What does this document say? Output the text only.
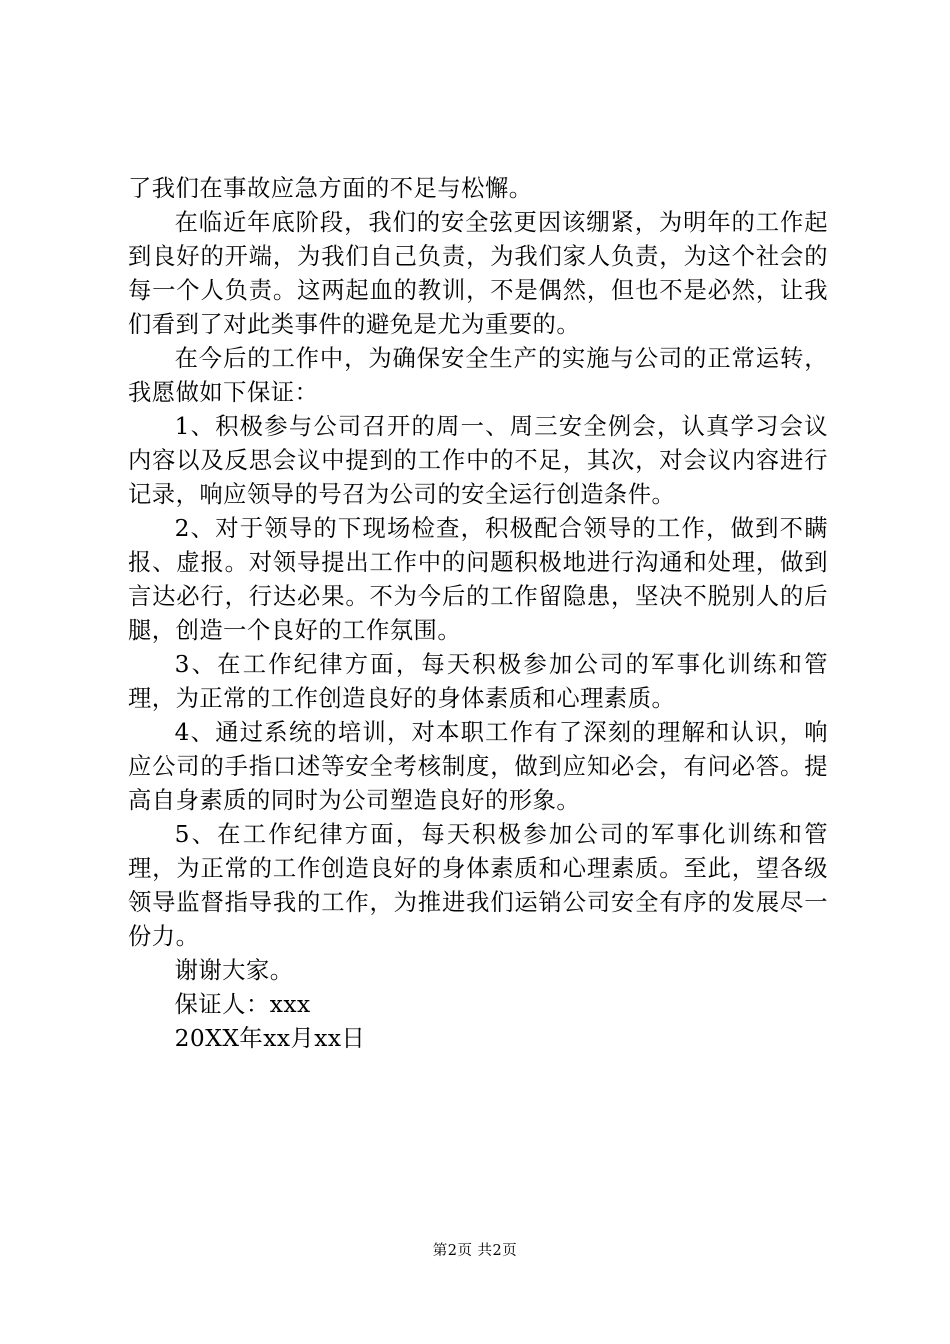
了我们在事故应急方面的不足与松懈。

在临近年底阶段，我们的安全弦更因该绷紧，为明年的工作起到良好的开端，为我们自己负责，为我们家人负责，为这个社会的每一个人负责。这两起血的教训，不是偶然，但也不是必然，让我们看到了对此类事件的避免是尤为重要的。

在今后的工作中，为确保安全生产的实施与公司的正常运转，我愿做如下保证：

1、积极参与公司召开的周一、周三安全例会，认真学习会议内容以及反思会议中提到的工作中的不足，其次，对会议内容进行记录，响应领导的号召为公司的安全运行创造条件。

2、对于领导的下现场检查，积极配合领导的工作，做到不瞒报、虚报。对领导提出工作中的问题积极地进行沟通和处理，做到言达必行，行达必果。不为今后的工作留隐患，坚决不脱别人的后腿，创造一个良好的工作氛围。

3、在工作纪律方面，每天积极参加公司的军事化训练和管理，为正常的工作创造良好的身体素质和心理素质。

4、通过系统的培训，对本职工作有了深刻的理解和认识，响应公司的手指口述等安全考核制度，做到应知必会，有问必答。提高自身素质的同时为公司塑造良好的形象。

5、在工作纪律方面，每天积极参加公司的军事化训练和管理，为正常的工作创造良好的身体素质和心理素质。至此，望各级领导监督指导我的工作，为推进我们运销公司安全有序的发展尽一份力。

谢谢大家。

保证人：xxx

20XX年xx月xx日

第2页 共2页
